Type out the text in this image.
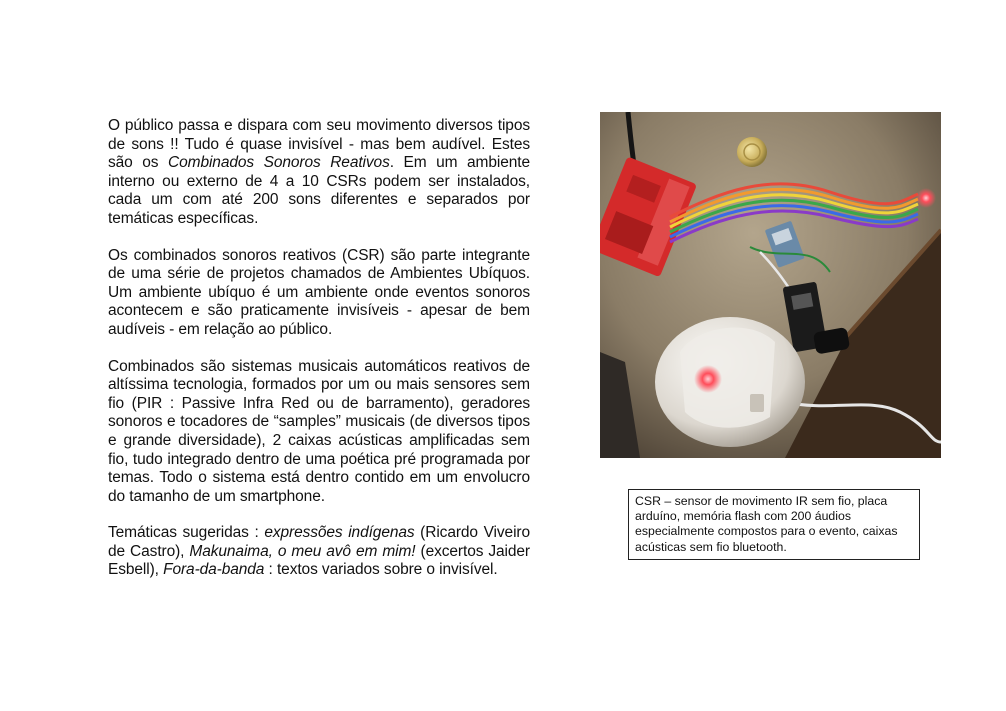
O público passa e dispara com seu movimento diversos tipos de sons !! Tudo é quase invisível - mas bem audível. Estes são os Combinados Sonoros Reativos. Em um ambiente interno ou externo de 4 a 10 CSRs podem ser instalados, cada um com até 200 sons diferentes e separados por temáticas específicas.

Os combinados sonoros reativos (CSR) são parte integrante de uma série de projetos chamados de Ambientes Ubíquos. Um ambiente ubíquo é um ambiente onde eventos sonoros acontecem e são praticamente invisíveis - apesar de bem audíveis - em relação ao público.

Combinados são sistemas musicais automáticos reativos de altíssima tecnologia, formados por um ou mais sensores sem fio (PIR : Passive Infra Red ou de barramento), geradores sonoros e tocadores de “samples” musicais (de diversos tipos e grande diversidade), 2 caixas acústicas amplificadas sem fio, tudo integrado dentro de uma poética pré programada por temas. Todo o sistema está dentro contido em um envolucro do tamanho de um smartphone.

Temáticas sugeridas : expressões indígenas (Ricardo Viveiro de Castro), Makunaima, o meu avô em mim! (excertos Jaider Esbell), Fora-da-banda : textos variados sobre o invisível.

CSR – sensor de movimento IR sem fio, placa arduíno, memória flash com 200 áudios especialmente compostos para o evento, caixas acústicas sem fio bluetooth.
